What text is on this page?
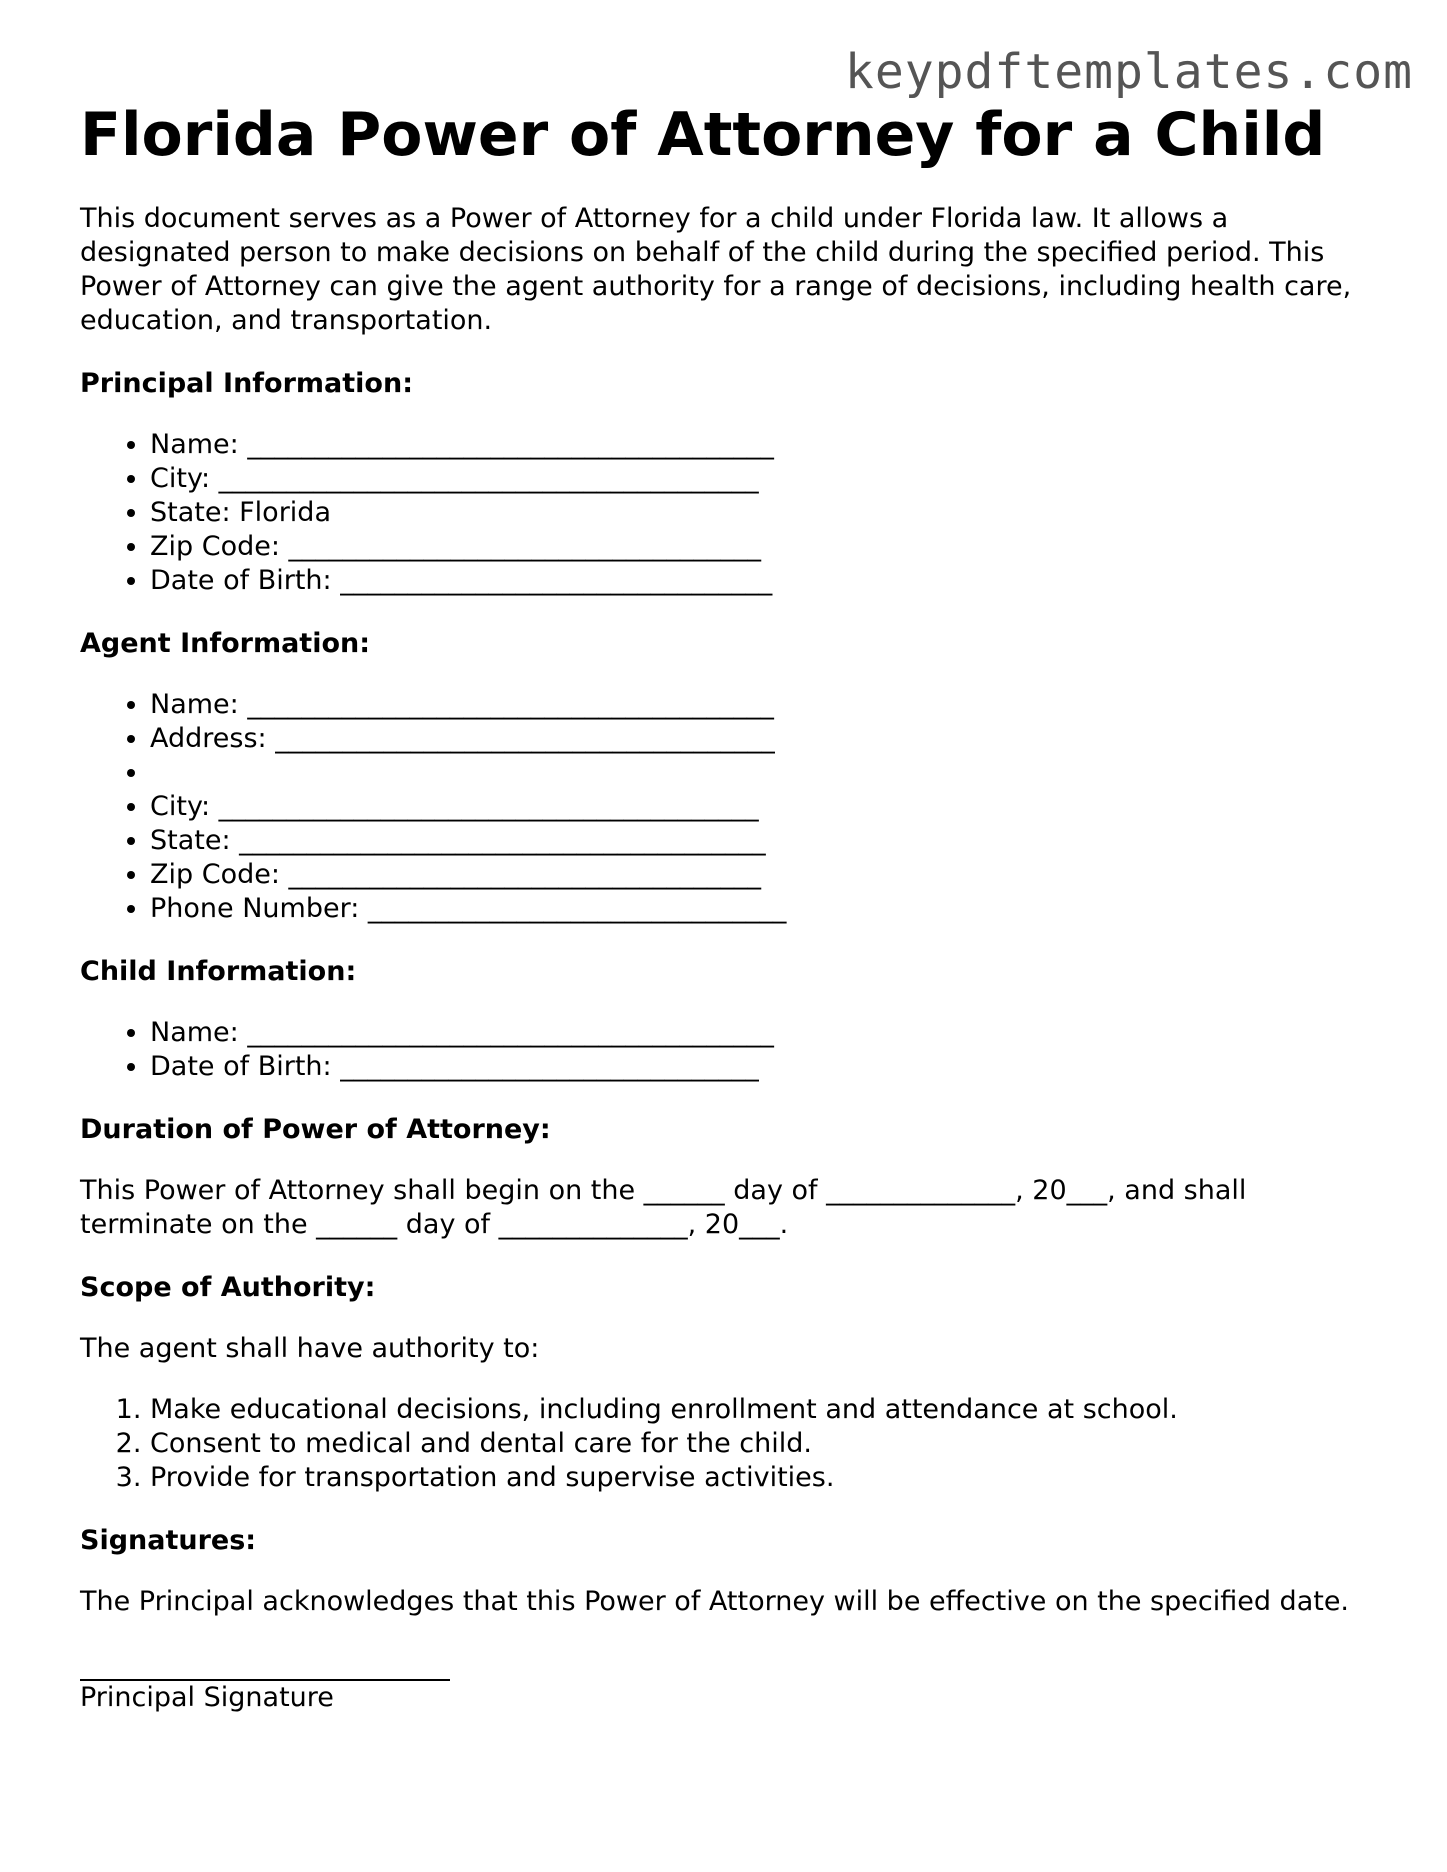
keypdftemplates.com
Florida Power of Attorney for a Child

This document serves as a Power of Attorney for a child under Florida law. It allows a designated person to make decisions on behalf of the child during the specified period. This Power of Attorney can give the agent authority for a range of decisions, including health care, education, and transportation.

Principal Information:
• Name: _______________________________________
• City: ________________________________________
• State: Florida
• Zip Code: ___________________________________
• Date of Birth: ________________________________
Agent Information:
• Name: _______________________________________
• Address: _____________________________________
•
• City: ________________________________________
• State: _______________________________________
• Zip Code: ___________________________________
• Phone Number: _______________________________
Child Information:
• Name: _______________________________________
• Date of Birth: _______________________________
Duration of Power of Attorney:

This Power of Attorney shall begin on the ______ day of ______________, 20___, and shall terminate on the ______ day of ______________, 20___.

Scope of Authority:

The agent shall have authority to:

1. Make educational decisions, including enrollment and attendance at school.
2. Consent to medical and dental care for the child.
3. Provide for transportation and supervise activities.
Signatures:

The Principal acknowledges that this Power of Attorney will be effective on the specified date.

Principal Signature
